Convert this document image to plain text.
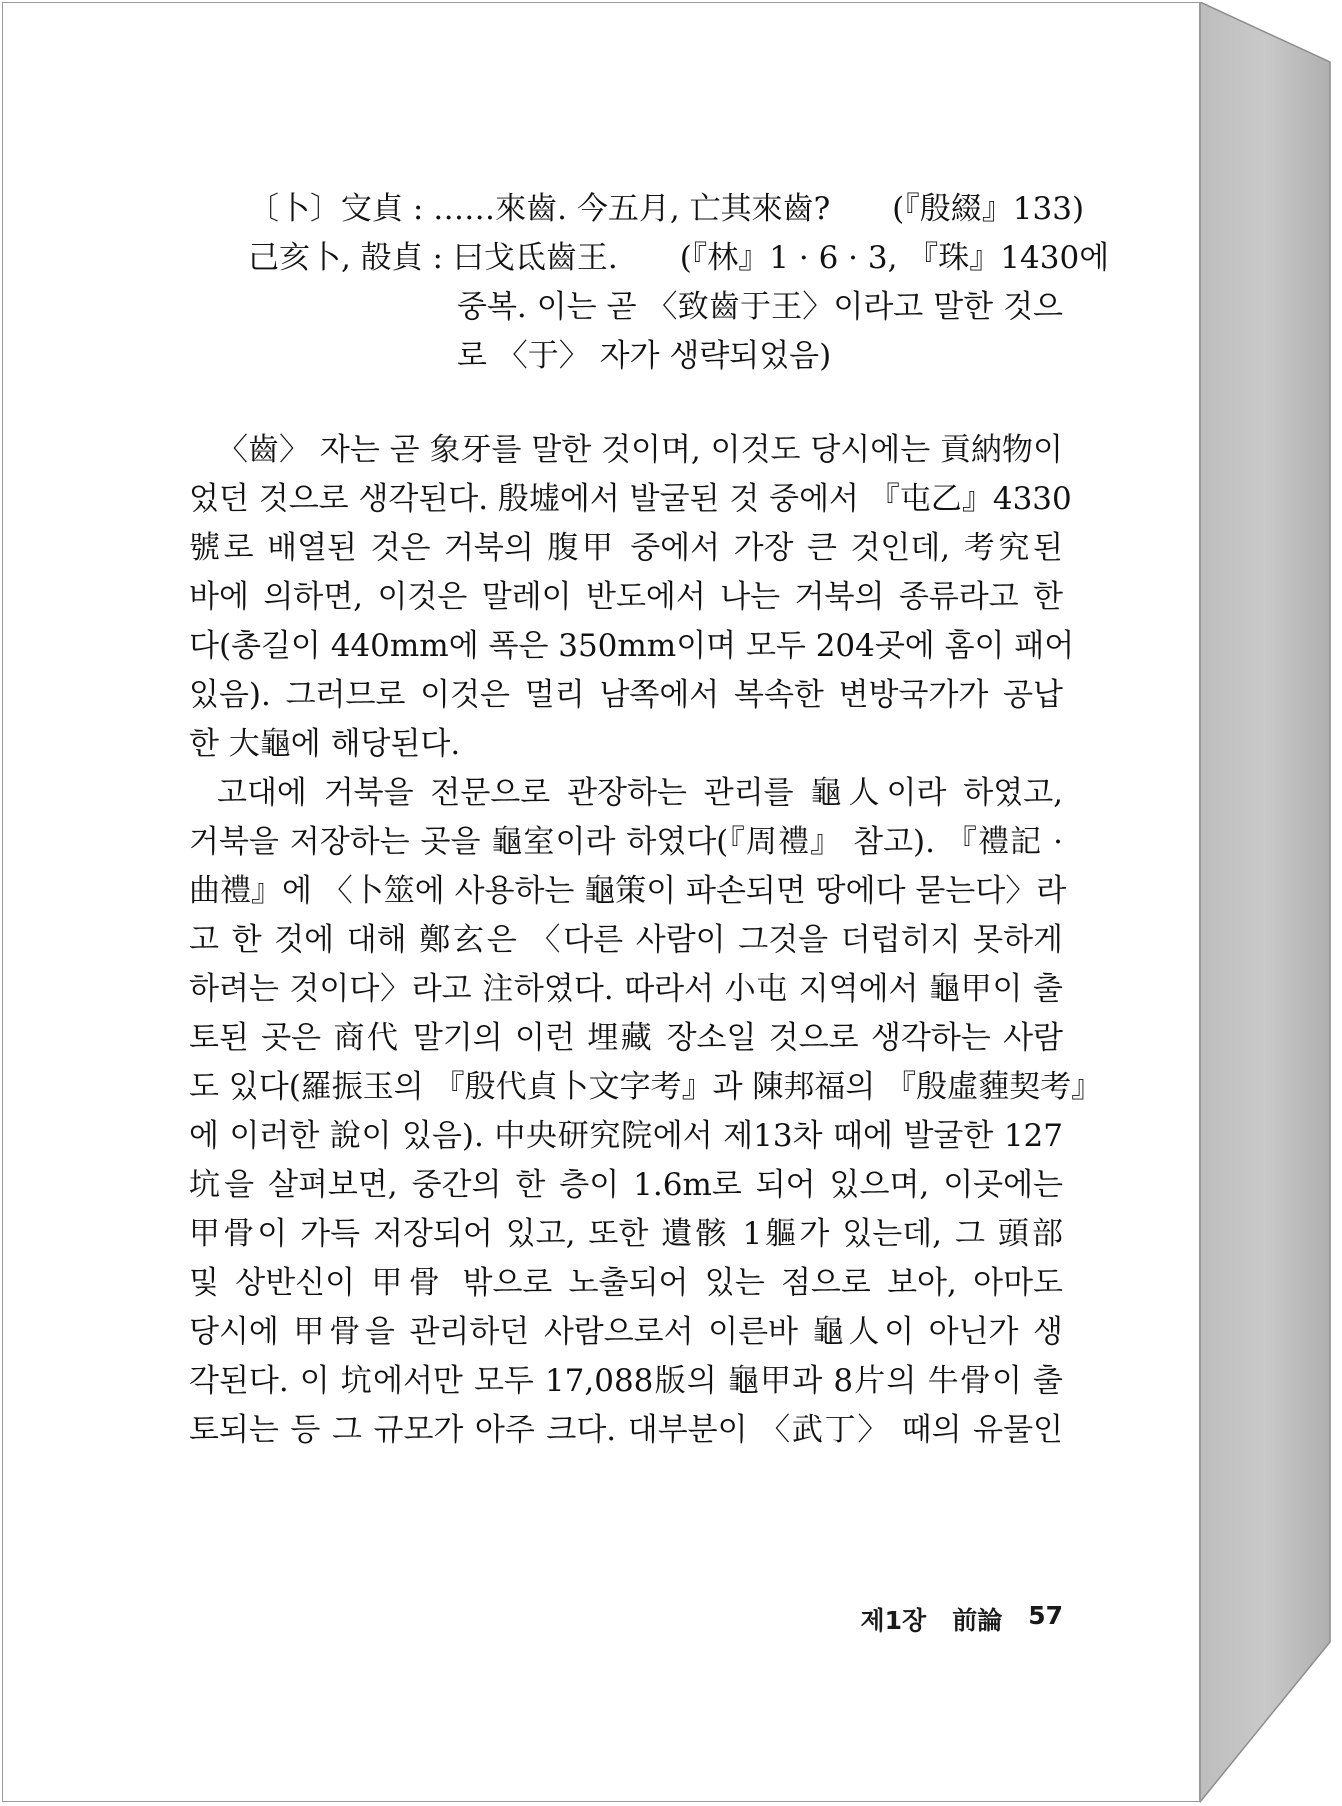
〔卜〕㝊貞 : ……來齒. 今五月, 亡其來齒?　　(『殷綴』133)

己亥卜, 㱿貞 : 曰戈氐齒王.　　(『林』1 · 6 · 3, 『珠』1430에

중복. 이는 곧 〈致齒于王〉이라고 말한 것으

로 〈于〉 자가 생략되었음)

〈齒〉 자는 곧 象牙를 말한 것이며, 이것도 당시에는 貢納物이

었던 것으로 생각된다. 殷墟에서 발굴된 것 중에서 『屯乙』4330

號로 배열된 것은 거북의 腹甲 중에서 가장 큰 것인데, 考究된

바에 의하면, 이것은 말레이 반도에서 나는 거북의 종류라고 한

다(총길이 440mm에 폭은 350mm이며 모두 204곳에 홈이 패어

있음). 그러므로 이것은 멀리 남쪽에서 복속한 변방국가가 공납

한 大龜에 해당된다.

고대에 거북을 전문으로 관장하는 관리를 龜人이라 하였고,

거북을 저장하는 곳을 龜室이라 하였다(『周禮』 참고). 『禮記 ·

曲禮』에 〈卜筮에 사용하는 龜策이 파손되면 땅에다 묻는다〉라

고 한 것에 대해 鄭玄은 〈다른 사람이 그것을 더럽히지 못하게

하려는 것이다〉라고 注하였다. 따라서 小屯 지역에서 龜甲이 출

토된 곳은 商代 말기의 이런 埋藏 장소일 것으로 생각하는 사람

도 있다(羅振玉의 『殷代貞卜文字考』과 陳邦福의 『殷虛薶契考』

에 이러한 說이 있음). 中央研究院에서 제13차 때에 발굴한 127

坑을 살펴보면, 중간의 한 층이 1.6m로 되어 있으며, 이곳에는

甲骨이 가득 저장되어 있고, 또한 遺骸 1軀가 있는데, 그 頭部

및 상반신이 甲骨 밖으로 노출되어 있는 점으로 보아, 아마도

당시에 甲骨을 관리하던 사람으로서 이른바 龜人이 아닌가 생

각된다. 이 坑에서만 모두 17,088版의 龜甲과 8片의 牛骨이 출

토되는 등 그 규모가 아주 크다. 대부분이 〈武丁〉 때의 유물인

제1장 前論 57
